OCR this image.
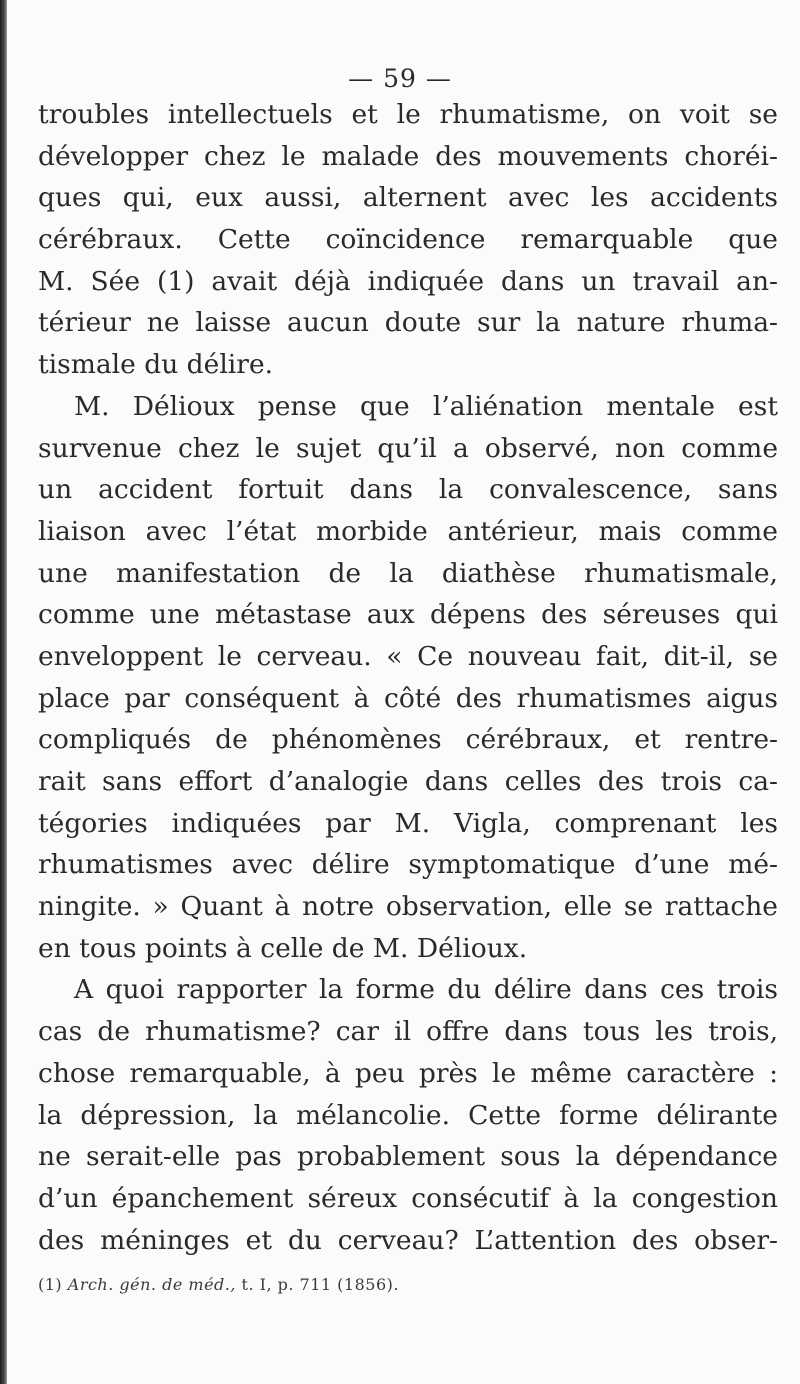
— 59 —
troubles intellectuels et le rhumatisme, on voit se
développer chez le malade des mouvements choréi-
ques qui, eux aussi, alternent avec les accidents
cérébraux. Cette coïncidence remarquable que
M. Sée (1) avait déjà indiquée dans un travail an-
térieur ne laisse aucun doute sur la nature rhuma-
tismale du délire.
M. Délioux pense que l’aliénation mentale est
survenue chez le sujet qu’il a observé, non comme
un accident fortuit dans la convalescence, sans
liaison avec l’état morbide antérieur, mais comme
une manifestation de la diathèse rhumatismale,
comme une métastase aux dépens des séreuses qui
enveloppent le cerveau. « Ce nouveau fait, dit-il, se
place par conséquent à côté des rhumatismes aigus
compliqués de phénomènes cérébraux, et rentre-
rait sans effort d’analogie dans celles des trois ca-
tégories indiquées par M. Vigla, comprenant les
rhumatismes avec délire symptomatique d’une mé-
ningite. » Quant à notre observation, elle se rattache
en tous points à celle de M. Délioux.
A quoi rapporter la forme du délire dans ces trois
cas de rhumatisme? car il offre dans tous les trois,
chose remarquable, à peu près le même caractère :
la dépression, la mélancolie. Cette forme délirante
ne serait-elle pas probablement sous la dépendance
d’un épanchement séreux consécutif à la congestion
des méninges et du cerveau? L’attention des obser-
(1) Arch. gén. de méd., t. I, p. 711 (1856).
